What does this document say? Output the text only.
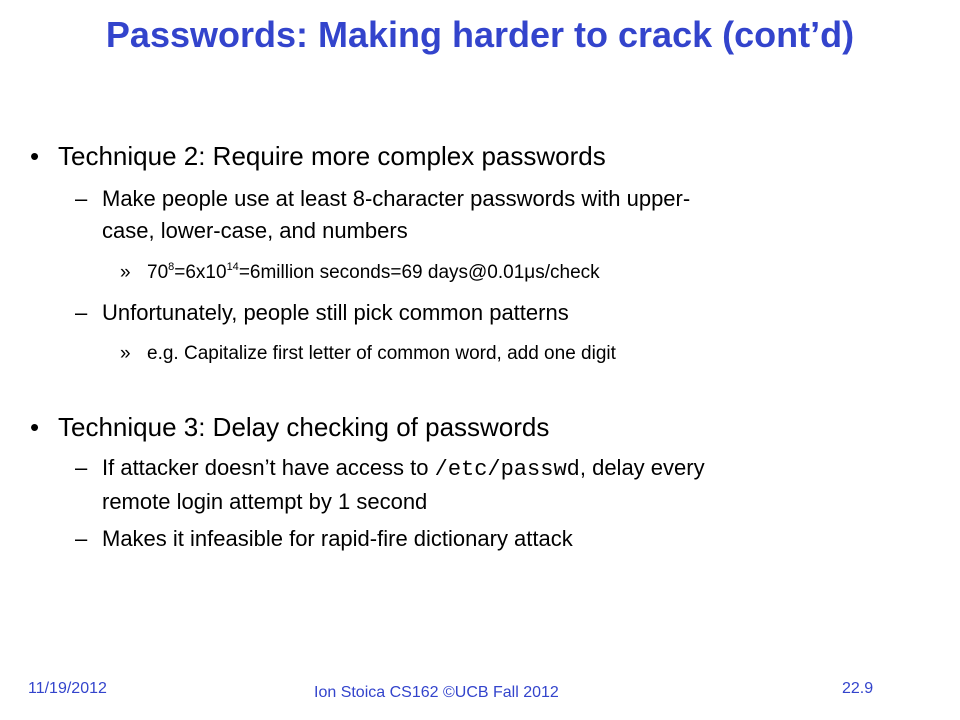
Passwords: Making harder to crack (cont’d)
• Technique 2: Require more complex passwords
– Make people use at least 8-character passwords with upper-
case, lower-case, and numbers
» $70^8=6x10^{14}=6million$ seconds=69 days@0.01μs/check
– Unfortunately, people still pick common patterns
» e.g. Capitalize first letter of common word, add one digit
• Technique 3: Delay checking of passwords
– If attacker doesn’t have access to /etc/passwd, delay every
remote login attempt by 1 second
– Makes it infeasible for rapid-fire dictionary attack
11/19/2012	Ion Stoica CS162 ©UCB Fall 2012	22.9
